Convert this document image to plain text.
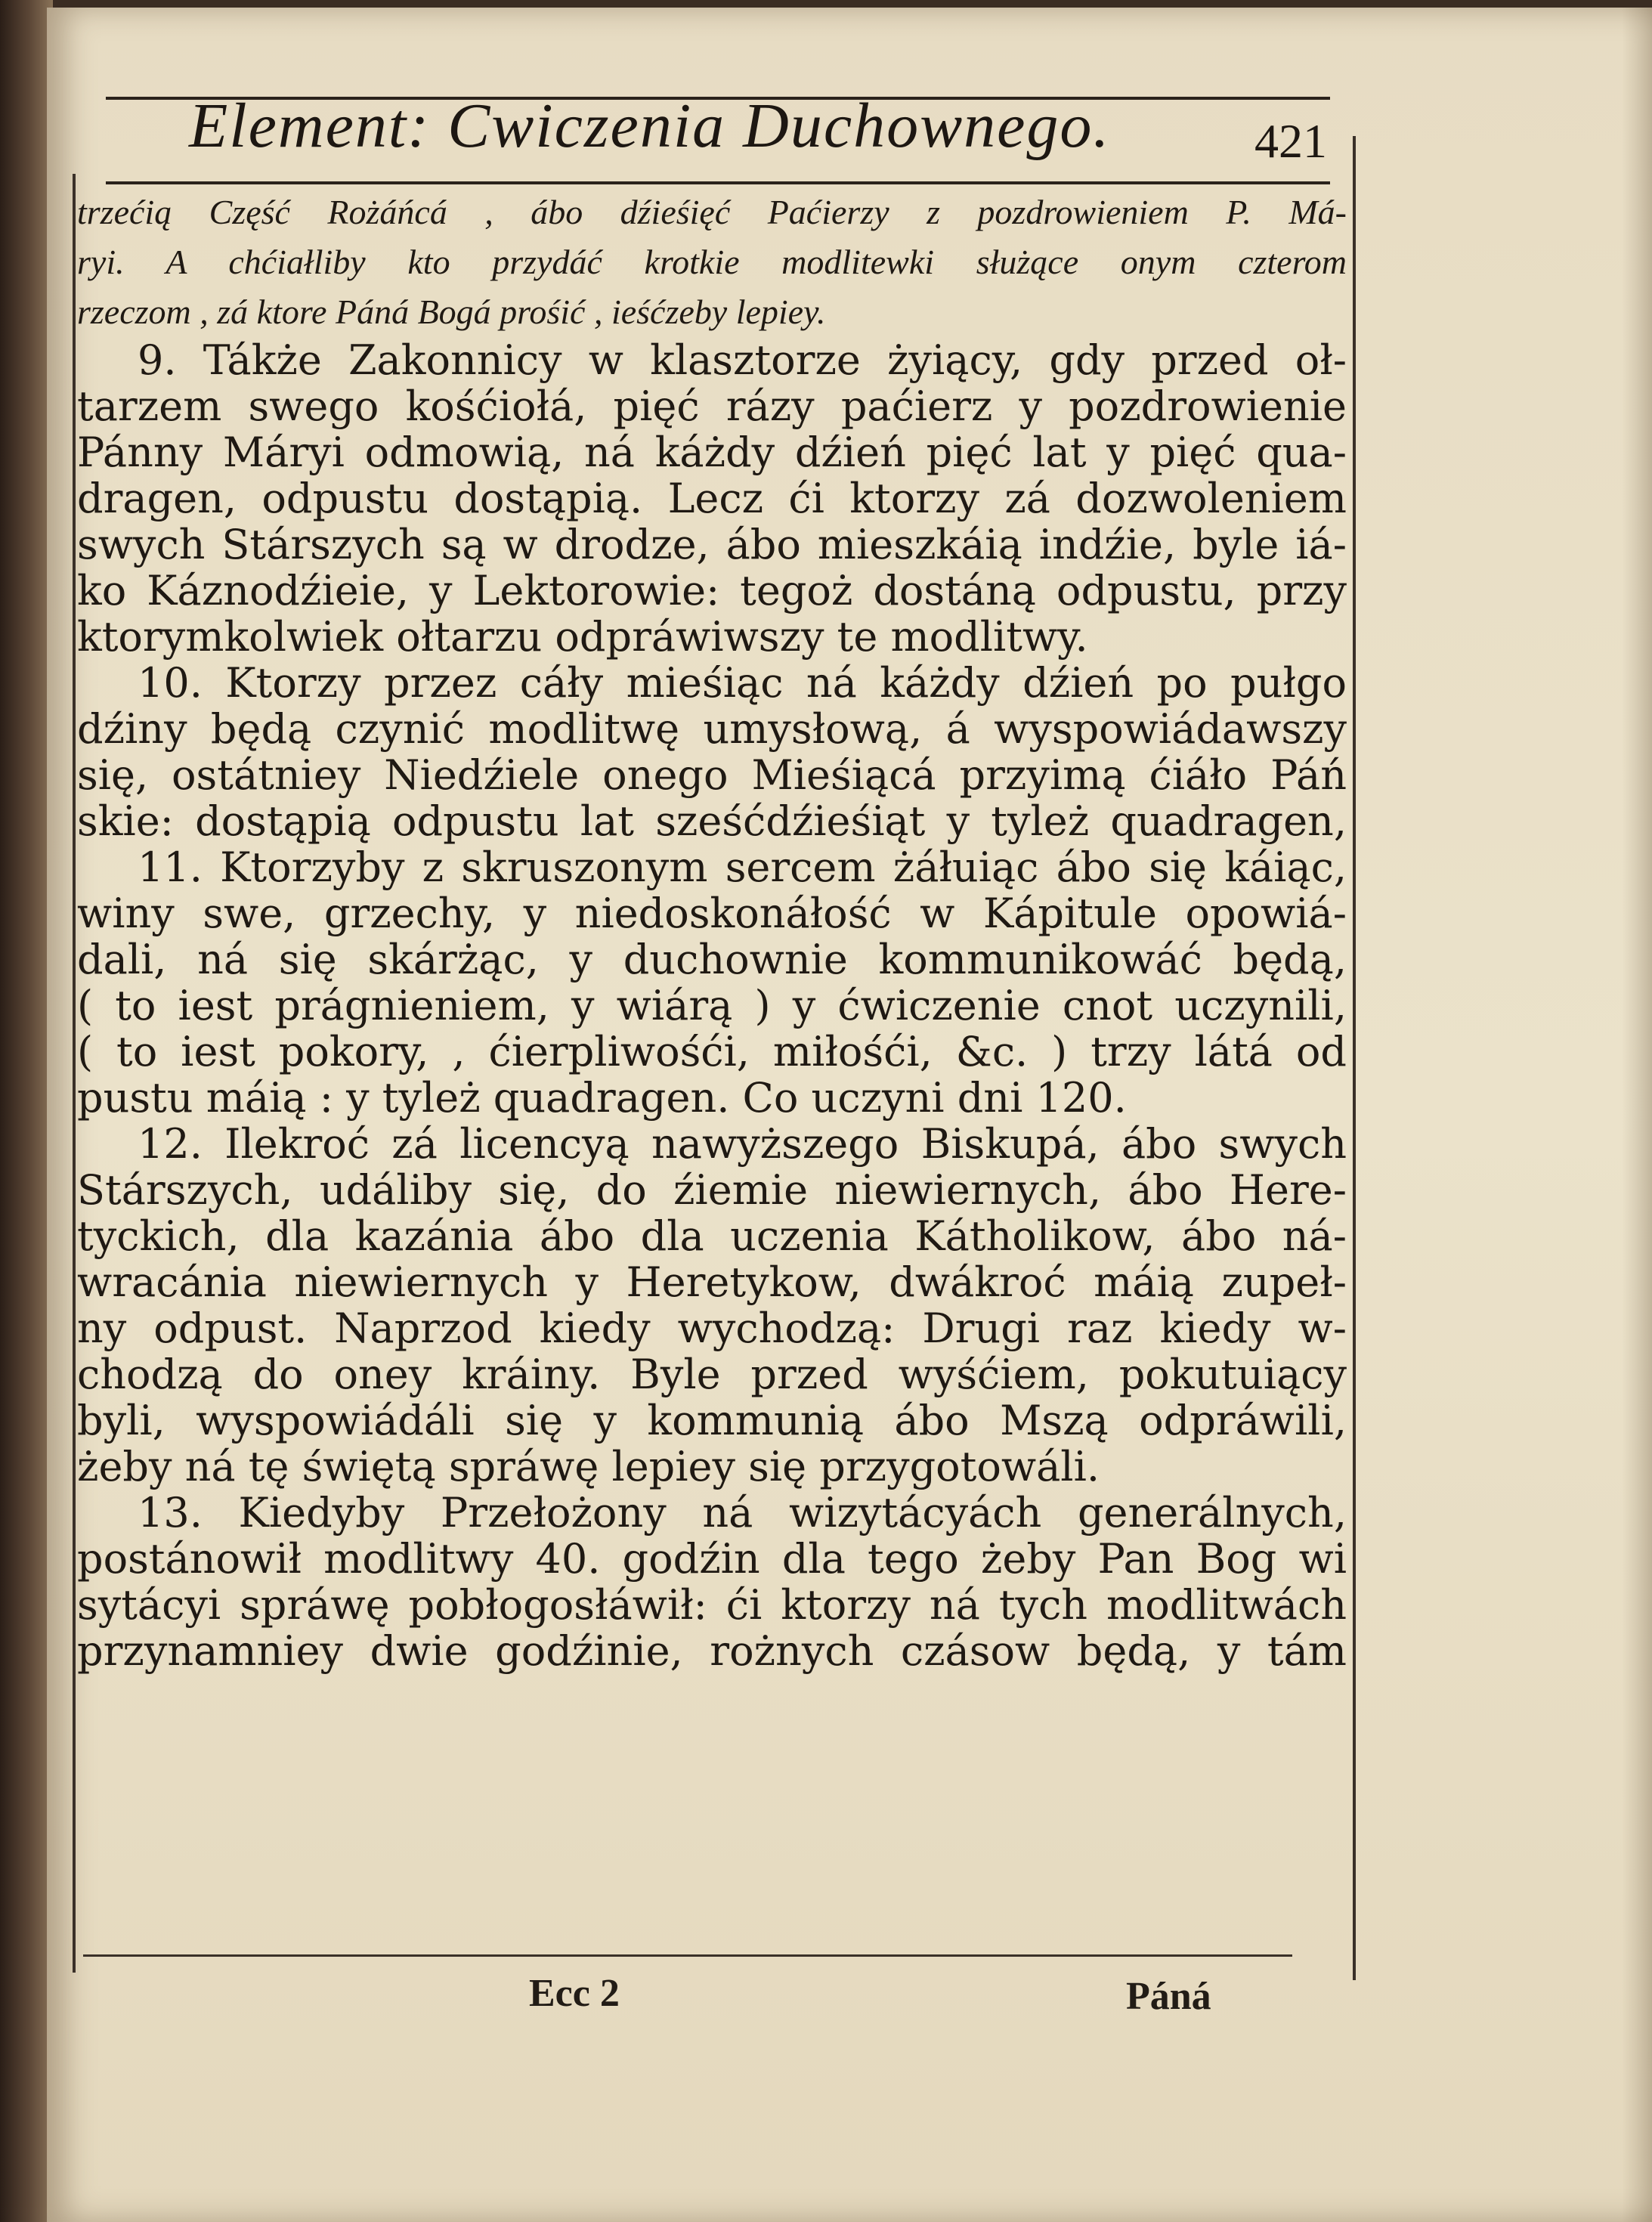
Element: Cwiczenia Duchownego.	421
trzećią Część Rożáńcá , ábo dźieśięć Paćierzy z pozdrowieniem P. Má-
ryi. A chćiałliby kto przydáć krotkie modlitewki służące onym czterom
rzeczom , zá ktore Páná Bogá prośić , ieśćzeby lepiey.
9. Tákże Zakonnicy w klasztorze żyiący, gdy przed oł-
tarzem swego kośćiołá, pięć rázy paćierz y pozdrowienie
Pánny Máryi odmowią, ná káżdy dźień pięć lat y pięć qua-
dragen, odpustu dostąpią. Lecz ći ktorzy zá dozwoleniem
swych Stárszych są w drodze, ábo mieszkáią indźie, byle iá-
ko Káznodźieie, y Lektorowie: tegoż dostáną odpustu, przy
ktorymkolwiek ołtarzu odpráwiwszy te modlitwy.
10. Ktorzy przez cáły mieśiąc ná káżdy dźień po pułgo
dźiny będą czynić modlitwę umysłową, á wyspowiádawszy
się, ostátniey Niedźiele onego Mieśiącá przyimą ćiáło Páń
skie: dostąpią odpustu lat sześćdźieśiąt y tyleż quadragen,
11. Ktorzyby z skruszonym sercem żáłuiąc ábo się káiąc,
winy swe, grzechy, y niedoskonáłość w Kápitule opowiá-
dali, ná się skárżąc, y duchownie kommunikowáć będą,
( to iest prágnieniem, y wiárą ) y ćwiczenie cnot uczynili,
( to iest pokory, , ćierpliwośći, miłośći, &c. ) trzy látá od
pustu máią : y tyleż quadragen. Co uczyni dni 120.
12. Ilekroć zá licencyą nawyższego Biskupá, ábo swych
Stárszych, událiby się, do źiemie niewiernych, ábo Here-
tyckich, dla kazánia ábo dla uczenia Kátholikow, ábo ná-
wracánia niewiernych y Heretykow, dwákroć máią zupeł-
ny odpust. Naprzod kiedy wychodzą: Drugi raz kiedy w-
chodzą do oney kráiny. Byle przed wyśćiem, pokutuiący
byli, wyspowiádáli się y kommunią ábo Mszą odpráwili,
żeby ná tę świętą spráwę lepiey się przygotowáli.
13. Kiedyby Przełożony ná wizytácyách generálnych,
postánowił modlitwy 40. godźin dla tego żeby Pan Bog wi
sytácyi spráwę pobłogosłáwił: ći ktorzy ná tych modlitwách
przynamniey dwie godźinie, rożnych czásow będą, y tám
Ecc 2	Páná
